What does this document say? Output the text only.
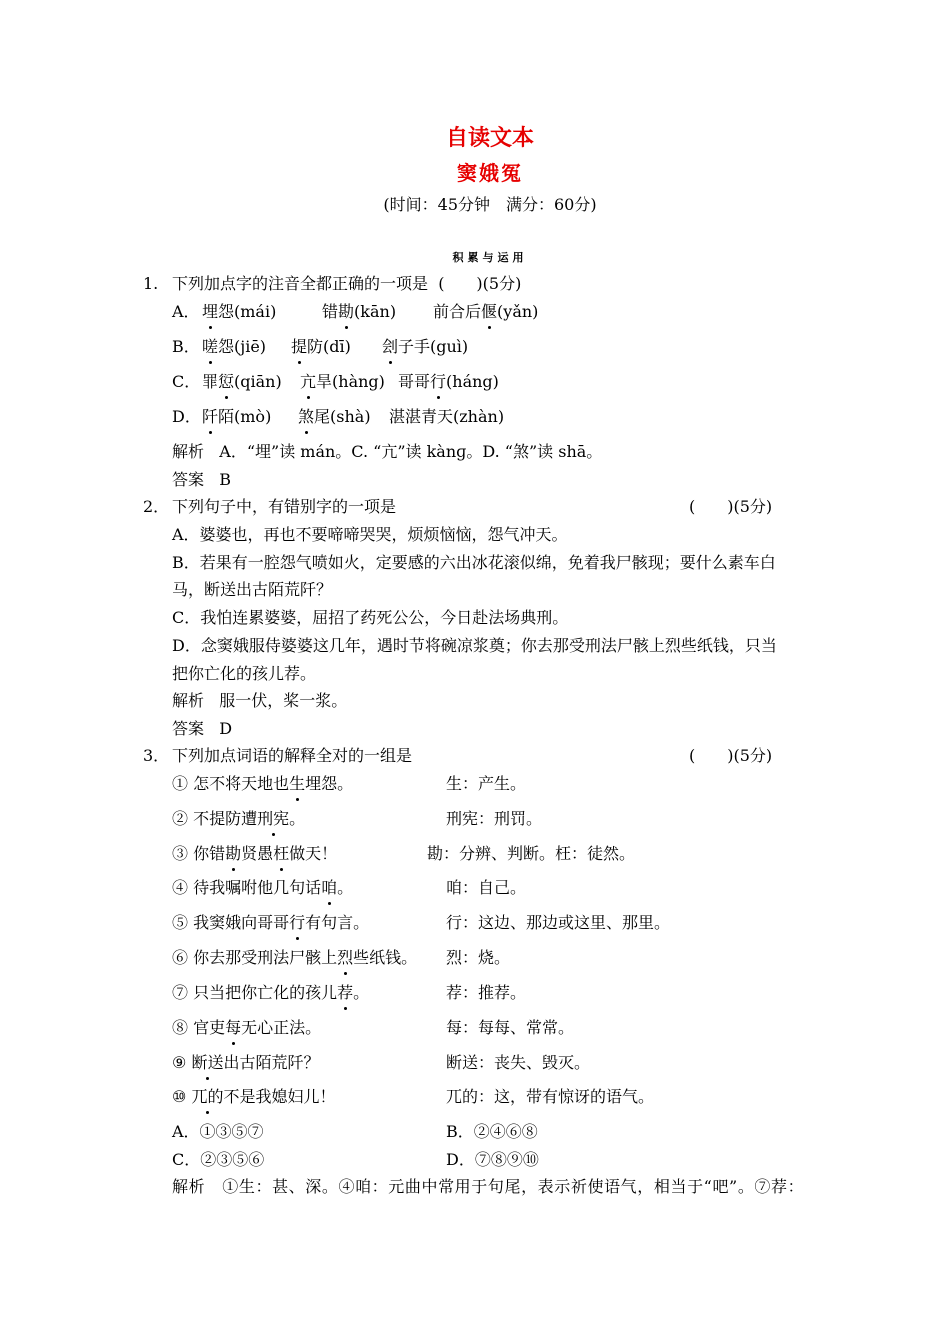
自读文本
窦娥冤
(时间：45分钟　满分：60分)
积累与运用
1. 下列加点字的注音全都正确的一项是 (　　)(5分)
A． 埋怨(mái)	错勘(kān) 前合后偃(yǎn)
B． 嗟怨(jiē) 提防(dī) 刽子手(guì)
C． 罪愆(qiān) 亢旱(hàng) 哥哥行(háng)
D． 阡陌(mò) 煞尾(shà) 湛湛青天(zhàn)
解析 A．“埋”读 mán。C. “亢”读 kànɡ。D. “煞”读 shā。
答案 B
2． 下列句子中，有错别字的一项是	(　　)(5分)
A．婆婆也，再也不要啼啼哭哭，烦烦恼恼，怨气冲天。
B．若果有一腔怨气喷如火，定要感的六出冰花滚似绵，免着我尸骸现；要什么素车白
马，断送出古陌荒阡？
C．我怕连累婆婆，屈招了药死公公，今日赴法场典刑。
D．念窦娥服侍婆婆这几年，遇时节将碗凉浆奠；你去那受刑法尸骸上烈些纸钱，只当
把你亡化的孩儿荐。
解析 服一伏，桨一浆。
答案 D
3． 下列加点词语的解释全对的一组是	(　　)(5分)
① 怎不将天地也生埋怨。	生：产生。
② 不提防遭刑宪。	刑宪：刑罚。
③ 你错勘贤愚枉做天！	勘：分辨、判断。枉：徒然。
④ 待我嘱咐他几句话咱。	咱：自己。
⑤ 我窦娥向哥哥行有句言。	行：这边、那边或这里、那里。
⑥ 你去那受刑法尸骸上烈些纸钱。 烈：烧。
⑦ 只当把你亡化的孩儿荐。	荐：推荐。
⑧ 官吏每无心正法。	每：每每、常常。
⑨ 断送出古陌荒阡？	断送：丧失、毁灭。
⑩ 兀的不是我媳妇儿！	兀的：这，带有惊讶的语气。
A．①③⑤⑦	B．②④⑥⑧
C．②③⑤⑥	D．⑦⑧⑨⑩
解析 ①生：甚、深。④咱：元曲中常用于句尾，表示祈使语气，相当于“吧”。⑦荐：
